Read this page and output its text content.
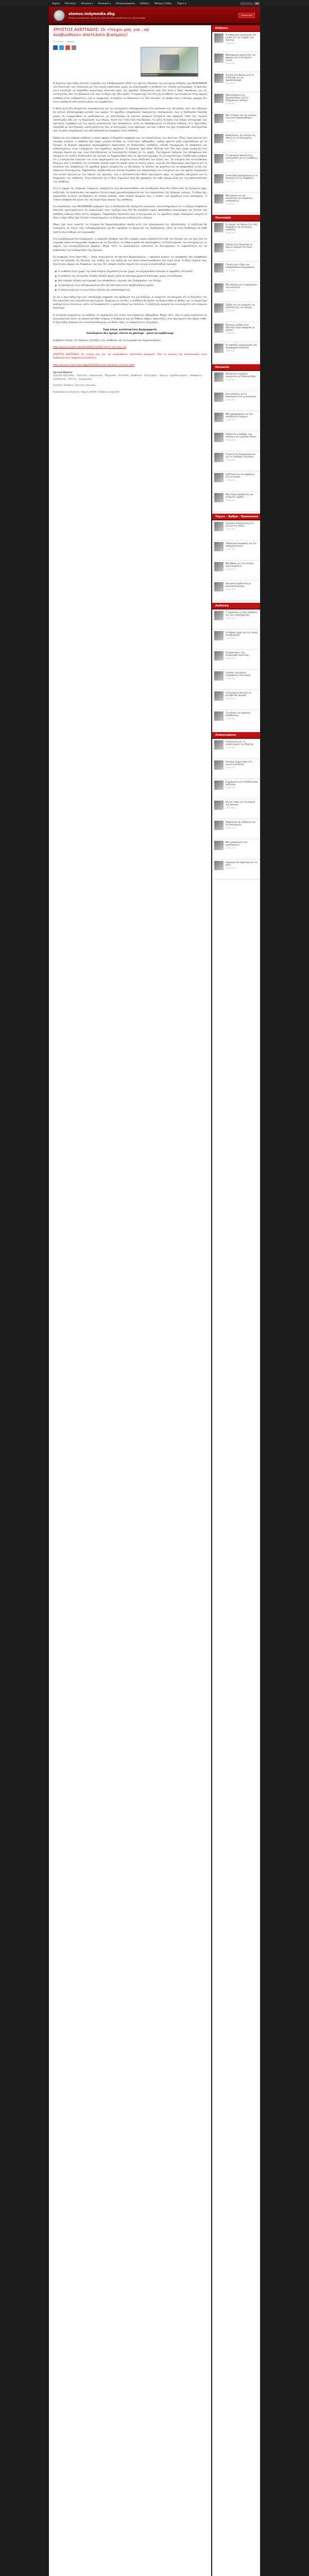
Αρχική	Πολιτική ▾	Κοινωνία ▾	Οικονομία ▾	Ελληνογερμανικά	Ειδήσεις	Μόνιμες Στήλες	Τέχνες ▾
Αναζήτηση	Go
olomos.indymedia.dbg
Επίσημο πληροφοριακό κόμμα σας πέρα από κάθε αμφισβήτηση και ειδησεογραφία
Επικοινωνία
ΧΡΗΣΤΟΣ ΑΧΕΙΤΑΔΗΣ: Οι «τοιχοι μας για ..να αναβιώθουν» αποτελούν βιασμούς!
24.06.2014 olomos
Χρήστος Αχειτάδης

Ο Χρήστος Αχειτάδης έστειλε το βράδυ της 4 Φεβρουαρίου 2014 (τον πρώτο) πέρασμα της κεντρικής έκδοσης των ΜΗΧΑΝΙΚΩΝ του Πολιτικού των εκλογικών με την κίνηση αναστολής χωρίς να ολοκληρωθεί η σύνθεση της τελικής καταγραφής. Η πρόταση αυτή κατέληξε να παραδίδει περαιτέρω επιστολή προς τον αρμόδιο, δηλώνοντας πως δεν ήταν ο ίδιος υπεύθυνος για τις καταγγελίες που τον βάραιναν και πως το θέμα είχε ήδη κριθεί. Η συμμετοχή του στη μη κατάθεση των ονομάτων στην αρχική ανάθεση ήταν καθοριστική, ενώ οι συμφωνίες συνέχιζαν να δεσμεύουν τις δύο πλευρές, σε βαθμό που η επίσημη γραμμή δεν έγινε αποδεκτή από κανένα μέλος του συμβουλίου.

Η θέση αυτή δεν θεωρείται ικανοποιητική για τις κατηγορίες ενδιαφερομένων στα πρόσωπα της επιτροπής, κάτι που οδήγησε σε εκτενή αλληλογραφία μεταξύ των μερών. Οι αρμόδιοι υπηρεσιακοί παράγοντες επισημαίνουν πως η διαδικασία διεκόπη χωρίς να ενημερωθούν οι εμπλεκόμενοι, με αποτέλεσμα να μείνουν εκκρεμή ζητήματα που αφορούν τόσο την τεχνική υποστήριξη όσο και τη διαχείριση των πόρων. Κατά την τελευταία συνεδρίαση, τα μέλη ζήτησαν την πλήρη καταγραφή των σχετικών εγγράφων και την άμεση ανακοίνωση των αποφάσεων, ώστε να αποσαφηνιστεί το πλαίσιο ευθύνης. Ο κ. Αχειτάδης επανήλθε με νέα δήλωση, υποστηρίζοντας πως οι κατηγορίες είναι αβάσιμες και πως η θέση του έχει στρεβλωθεί συστηματικά από τα μέσα ενημέρωσης και από πρόσωπα με συμφέρον στην υπόθεση.

Πρόκειται για σοβαρή υπόθεση η οποία αφορά το δημόσιο συμφέρον και την εμπιστοσύνη των πολιτών. Όπως σημειώνεται στα επίσημα κείμενα, η υπόθεση έχει πάρει μεγάλη έκταση τις τελευταίες εβδομάδες, καθώς αρκετά μέσα ασχολήθηκαν με το ζήτημα. Οι βασικοί ισχυρισμοί περιλαμβάνουν παρατυπίες σε διαδικασίες ανάθεσης, ελλιπή τεκμηρίωση σε αποφάσεις και καθυστερήσεις στην ενημέρωση των αρμόδιων οργάνων. Ο Χρήστος Αχειτάδης δήλωσε πως δεν έχει καμία ανάμειξη στα επίμαχα σημεία και πως είναι διατεθειμένος να συνεργαστεί πλήρως με τις αρχές. Ταυτόχρονα επέκρινε την αδιαφάνεια που επικρατεί σε πολλές διαδικασίες και ζήτησε να δημοσιευθούν όλα τα σχετικά έγγραφα. Σε μεταγενέστερη τοποθέτηση ανέφερε ότι η εκστρατεία εναντίον του είναι οργανωμένη και στοχεύει στην απαξίωση του έργου του. Τα στοιχεία που κατατέθηκαν δείχνουν πως η σύνθεση της επιτροπής άλλαξε αρκετές φορές μέσα σε λίγους μήνες, γεγονός που δημιουργεί ερωτήματα για τη συνέπεια των αποφάσεων. Οι αρμόδιοι φορείς αναμένεται να εξετάσουν το σύνολο του φακέλου και να αποφανθούν εντός του επόμενου διαστήματος. Παράλληλα, ομάδα πολιτών ζήτησε δημόσια την παρουσίαση των στοιχείων και την άμεση ενημέρωση του κοινού σχετικά με την πορεία της έρευνας, ενώ η αντιπολίτευση έθεσε ερωτήματα προς τα αρμόδια υπουργεία για τη διαχείριση της υπόθεσης. Στην επιστολή του ο ίδιος σημειώνει πως θα προσφύγει σε κάθε νόμιμο μέσο για την αποκατάσταση της αλήθειας.

Σε ό,τι αφορά τις επόμενες ενέργειες, αναμένεται πως θα ακολουθήσει νέα συνεδρίαση όπου θα τεθούν όλα τα ζητήματα προς συζήτηση. Οι εκπρόσωποι των φορέων ζητούν σαφή χρονοδιαγράμματα και την παρουσίαση της πλήρους εικόνας. Το θέμα έχει προκαλέσει έντονες αντιδράσεις σε τοπικό επίπεδο, όπου πολλοί θεωρούν πως η στάση των αρμοδίων είναι ανεπαρκής. Η τελική απόφαση θα κρίνει και την περαιτέρω πορεία της υπόθεσης.

Οι εκπρόσωποι των ΜΗΧΑΝΙΚΩΝ ανέφεραν πως η διαδικασία θα συνεχιστεί κανονικά, ενώ επισημαίνουν ότι η πλήρης διαφάνεια αποτελεί προτεραιότητα. Σε ανακοίνωσή τους τονίζουν πως δεν θα ανεχθούν καμία προσπάθεια συγκάλυψης και ζητούν την απόδοση ευθυνών όπου αυτές υπάρχουν. Παράλληλα, δηλώνουν πως η συνεργασία με τις αρμόδιες αρχές παραμένει ανοιχτή. Ο ίδιος ο Αχειτάδης έχει ζητήσει επανειλημμένα τη διεξαγωγή ανεξάρτητου ελέγχου.

Όπως έχει γίνει γνωστό, τα στοιχεία θα δημοσιοποιηθούν άμεσα μετά την ολοκλήρωση της αξιολόγησης. Η συζήτηση θα συνεχιστεί με όλους τους ενδιαφερόμενους και θα τηρηθούν τα πρακτικά της διαδικασίας, ώστε να είναι διαθέσιμα σε κάθε πολίτη που επιθυμεί να ενημερωθεί.

Στη συμπληρωματική ενημέρωση, η υπηρεσία ανέφερε πως δεν υπάρχει καμία εκκρεμότητα από την πλευρά της και πως όλα τα έγγραφα έχουν καταχωρηθεί σύμφωνα με τις διατάξεις. Η επόμενη φάση θα περιλαμβάνει τη διασταύρωση των στοιχείων με τα αρχεία των συνεργαζόμενων φορέων. Μέχρι τότε, οι εμπλεκόμενοι καλούνται να διατηρήσουν τη νηφαλιότητα και να σεβαστούν την ανεξαρτησία της έρευνας.

Οι αναφορές στον Αχειτάδη — όπως σημειώνεται σε σχετικά δημοσιεύματα — αφορούν κυρίως τις αποφάσεις που ελήφθησαν κατά την περίοδο της θητείας του, καθώς και τον τρόπο με τον οποίο επικοινωνήθηκαν στο ευρύ κοινό. Ο ίδιος επιμένει πως όλα έγιναν νόμιμα και διαφανώς, και πως δεν υπήρξε κανένα σημείο που να μην κοινοποιήθηκε έγκαιρα.

● Η ανάθεση έγινε χωρίς την απαιτούμενη δημοσιότητα και χωρίς να ενημερωθούν έγκαιρα οι αρμόδιες επιτροπές.
● Η σύνθεση της επιτροπής άλλαξε πολλές φορές μέσα σε σύντομο χρονικό διάστημα, χωρίς αιτιολόγηση.
● Δεν υπάρχει πλήρης καταγραφή των αποφάσεων, γεγονός που δυσχεραίνει τον έλεγχο.
● Οι προσφυγές των ενδιαφερομένων δεν εξετάστηκαν στον προβλεπόμενο χρόνο.
● Η επικοινωνία με το κοινό ήταν ελλιπής και αποσπασματική.

Αν και ο Αχειτάδης έχει κατ' επανάληψη εκφράσει την προθυμία του για διάλογο, οι επικριτές του θεωρούν ότι οι δηλώσεις του δεν απαντούν στα ουσιαστικά ερωτήματα. Σύμφωνα με αυτούς, η υπόθεση θα πρέπει να διερευνηθεί σε βάθος, με τη συμμετοχή ανεξάρτητων ελεγκτών, ώστε να διασφαλιστεί η εμπιστοσύνη των πολιτών. Η συζήτηση αναμένεται να συνεχιστεί στο επόμενο διάστημα.

Η επιτροπή αναμένεται να εκδώσει τα πορίσματά της εντός των επόμενων εβδομάδων. Μέχρι τότε, όλα τα μέρη καλούνται να συνεργαστούν ώστε να αποκατασταθεί πλήρως η διαφάνεια και να δοθούν σαφείς απαντήσεις στα ερωτήματα που έχουν τεθεί. Ο Αχειτάδης δηλώνει ότι είναι διατεθειμένος να δώσει όλες τις απαραίτητες εξηγήσεις.

Τιμή στους ανυπότακτους Αναμορφωτές
Συνεδεμένοι δεν έχουμε τίποτα να χάσουμε – μόνο να κερδίσουμε

Διαβάστε επίσης: Οι επόμενες εξελίξεις της υπόθεσης και τα έγγραφα που δημοσιεύθηκαν.

http://www.anarhist.info/2014/06/1124567.html?_ref_intro_14

ΧΡΗΣΤΟΣ ΑΧΕΙΤΑΔΗΣ: Οι «τοιχοι μας για ..να αναβιώθουν» αποτελούν βιασμούς! Όλο το κείμενο της ανακοίνωσης είναι διαθέσιμο στις παρακάτω συνδέσεις.

http://olomos.indymedia.dbg/2014/06/xristos-axeitadis-oi-toixoi.html

Σχετικά θέματα:
Χρήστος Αχειτάδης – Επιστολή – Ανακοίνωση – Μηχανικοί – Επιτροπή – Διαφάνεια – Κατηγορίες – Έρευνα – Αρμόδιοι φορείς – Αποφάσεις – Συνεδρίαση – Πολίτες – Ενημέρωση
Ετικέτες: Ειδήσεις, Πολιτική, Κοινωνία
Προηγούμενη ανάρτηση | Αρχική σελίδα | Επόμενη ανάρτηση
Ειδήσεις
Η κυβέρνηση ανακοίνωσε νέα μέτρα για την στήριξη των πολιτών
21.06.2014
Φθινοπωρινή συνάντηση των φορέων για τα ζητήματα υγείας
20.06.2014
Ένταση στη Βουλή μετά τη συζήτηση για τον προϋπολογισμό
19.06.2014
Αποτελέσματα της δημοσκόπησης για τις επερχόμενες εκλογές
18.06.2014
Νέα στοιχεία για την ανεργία των νέων δημοσιεύθηκαν
17.06.2014
Διαδηλώσεις στο κέντρο της πόλης για τα δικαιώματα
16.06.2014
Το υπουργείο απαντά στις καταγγελίες για τις αναθέσεις
15.06.2014
Συνάντηση εργαζομένων με τη διοίκηση για τις συμβάσεις
14.06.2014
Νέα έρευνα για την κατάσταση των δημόσιων νοσοκομείων
13.06.2014
Οικονομία
Οι αγορές αντιδρούν στις νέες αποφάσεις της κεντρικής τράπεζας
22.06.2014
Αύξηση των εξαγωγών το πρώτο τρίμηνο του έτους
21.06.2014
Πτώση στον τζίρο των μικρομεσαίων επιχειρήσεων
20.06.2014
Νέο πλαίσιο για τη φορολογία των ακινήτων
19.06.2014
Σχέδιο για την ενίσχυση της ρευστότητας της αγοράς
18.06.2014
Μειώσεις μισθών στον ιδιωτικό τομέα σύμφωνα με έρευνα
17.06.2014
Οι τράπεζες ανακοίνωσαν νέα προγράμματα δανείων
16.06.2014
Κοινωνία
Εθελοντές στηρίζουν οικογένειες σε δύσκολη θέση
22.06.2014
Κινητοποίηση για τα δικαιώματα των μεταναστών
21.06.2014
Νέα προγράμματα για την εκπαίδευση ενηλίκων
20.06.2014
Αυξάνεται ο αριθμός των αστέγων στις μεγάλες πόλεις
19.06.2014
Οι φοιτητές διαμαρτύρονται για τις συνθήκες στέγασης
18.06.2014
Συζήτηση για την ασφάλεια στις γειτονιές
17.06.2014
Νέες δομές φιλοξενίας για ευάλωτες ομάδες
16.06.2014
Τέχνες - Άρθρα - Προσωπικά
Συναυλία αλληλεγγύης στο κέντρο της πόλης
22.06.2014
Έκθεση φωτογραφίας για την καθημερινότητα
21.06.2014
Νέο βιβλίο για την ιστορία των κινημάτων
20.06.2014
Θεατρική παράσταση με κοινωνικό μήνυμα
19.06.2014
Ανάλυση
Τι σημαίνουν οι νέες ρυθμίσεις για τους εργαζόμενους
22.06.2014
Η επόμενη μέρα για την τοπική αυτοδιοίκηση
21.06.2014
Οι προκλήσεις της ενεργειακής πολιτικής
20.06.2014
Ο ρόλος των μέσων ενημέρωσης στην κρίση
19.06.2014
Η εξωτερική πολιτική σε μεταβατική περίοδο
18.06.2014
Το μέλλον της δημόσιας εκπαίδευσης
17.06.2014
Ανακοινώσεις
Ανακοίνωση για τη συγκέντρωση της Πέμπτης
22.06.2014
Κάλεσμα συμμετοχής στη γενική συνέλευση
21.06.2014
Ενημέρωση για τη διαδικτυακή συζήτηση
20.06.2014
Δελτίο τύπου για την πορεία της έρευνας
19.06.2014
Πρόσκληση σε εκδήλωση για τα δικαιώματα
18.06.2014
Νέα ανακοίνωση των εργαζομένων
17.06.2014
Ενημερωτικό σημείωμα για τα μέλη
16.06.2014
